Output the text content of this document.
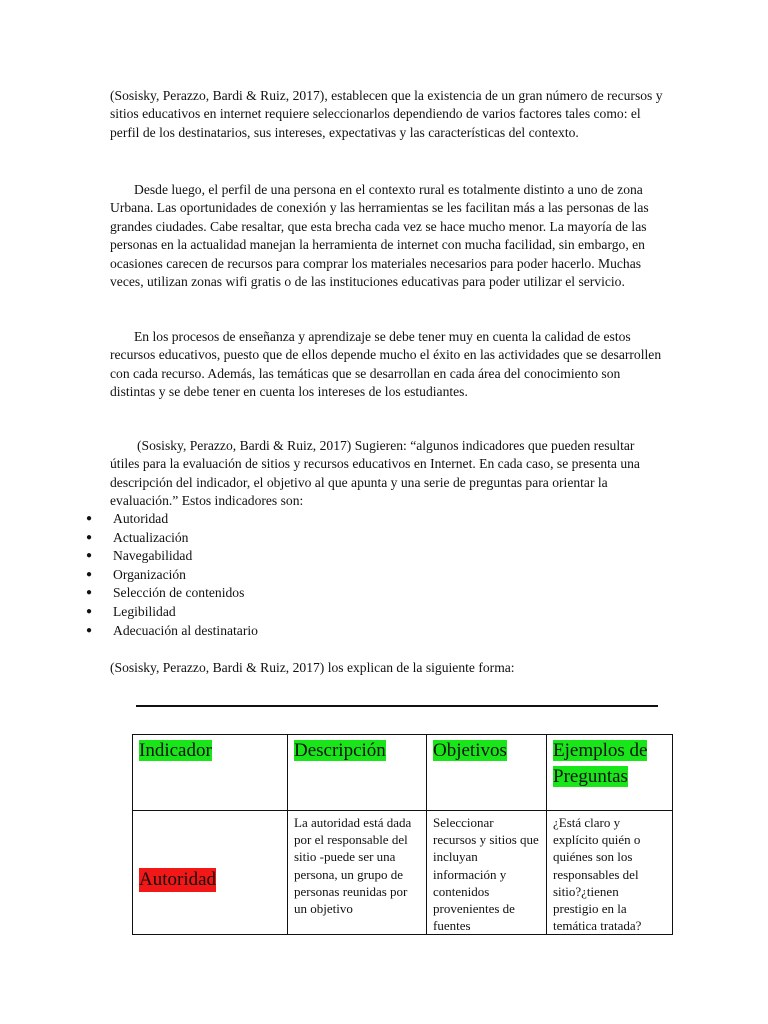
(Sosisky, Perazzo, Bardi & Ruiz, 2017), establecen que la existencia de un gran número de recursos y sitios educativos en internet requiere seleccionarlos dependiendo de varios factores tales como: el perfil de los destinatarios, sus intereses, expectativas y las características del contexto.

Desde luego, el perfil de una persona en el contexto rural es totalmente distinto a uno de zona Urbana. Las oportunidades de conexión y las herramientas se les facilitan más a las personas de las grandes ciudades. Cabe resaltar, que esta brecha cada vez se hace mucho menor. La mayoría de las personas en la actualidad manejan la herramienta de internet con mucha facilidad, sin embargo, en ocasiones carecen de recursos para comprar los materiales necesarios para poder hacerlo. Muchas veces, utilizan zonas wifi gratis o de las instituciones educativas para poder utilizar el servicio.

En los procesos de enseñanza y aprendizaje se debe tener muy en cuenta la calidad de estos recursos educativos, puesto que de ellos depende mucho el éxito en las actividades que se desarrollen con cada recurso. Además, las temáticas que se desarrollan en cada área del conocimiento son distintas y se debe tener en cuenta los intereses de los estudiantes.

(Sosisky, Perazzo, Bardi & Ruiz, 2017) Sugieren: “algunos indicadores que pueden resultar útiles para la evaluación de sitios y recursos educativos en Internet. En cada caso, se presenta una descripción del indicador, el objetivo al que apunta y una serie de preguntas para orientar la evaluación.” Estos indicadores son:

● Autoridad
● Actualización
● Navegabilidad
● Organización
● Selección de contenidos
● Legibilidad
● Adecuación al destinatario
(Sosisky, Perazzo, Bardi & Ruiz, 2017) los explican de la siguiente forma:
Indicador	Descripción	Objetivos	Ejemplos de Preguntas
Autoridad	La autoridad está dada por el responsable del sitio -puede ser una persona, un grupo de personas reunidas por un objetivo	Seleccionar recursos y sitios que incluyan información y contenidos provenientes de fuentes	¿Está claro y explícito quién o quiénes son los responsables del sitio?¿tienen prestigio en la temática tratada?
